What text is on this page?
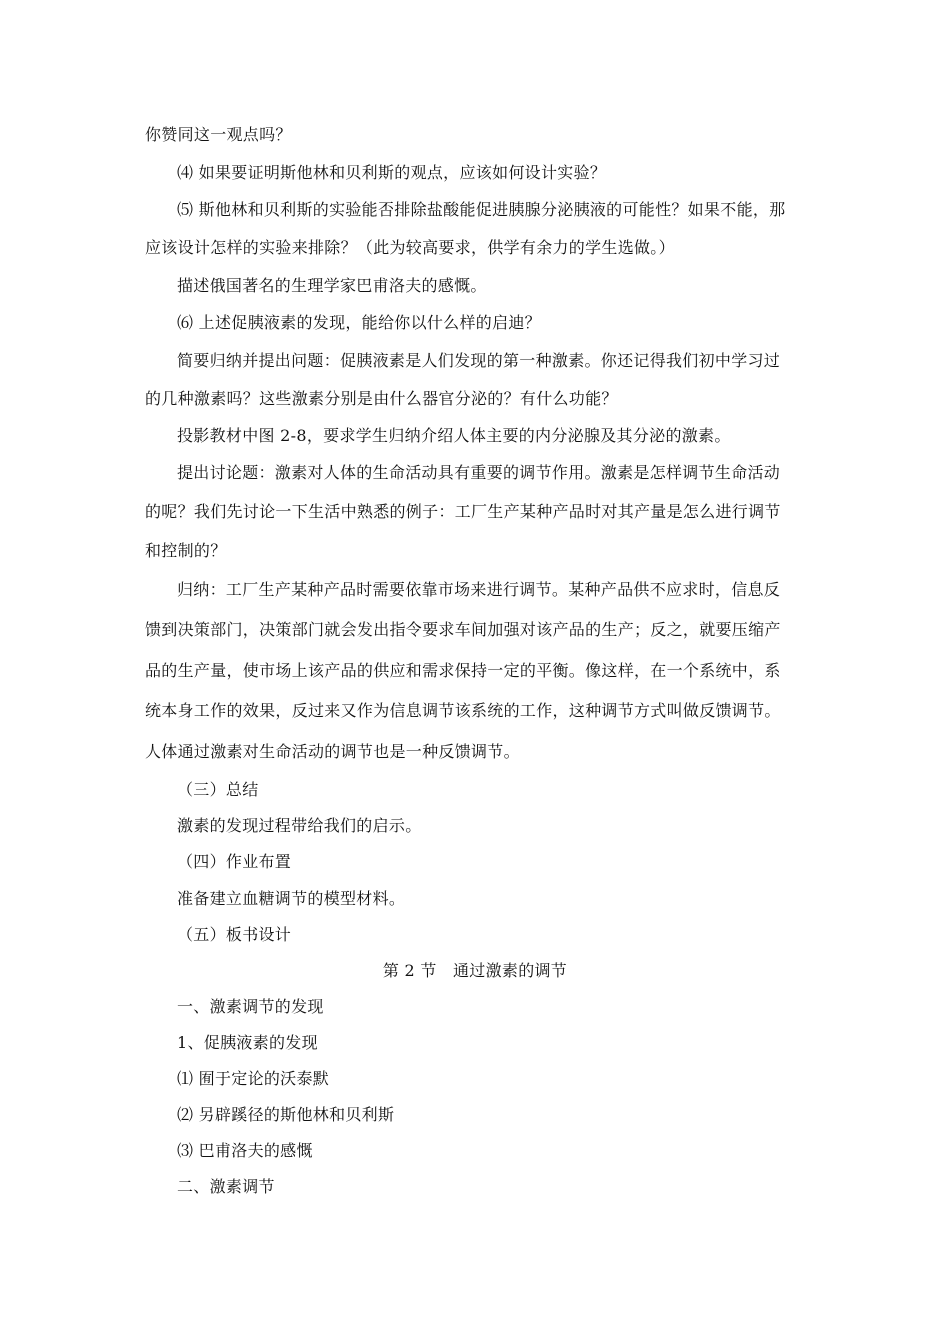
你赞同这一观点吗？
⑷ 如果要证明斯他林和贝利斯的观点，应该如何设计实验？
⑸ 斯他林和贝利斯的实验能否排除盐酸能促进胰腺分泌胰液的可能性？如果不能，那
应该设计怎样的实验来排除？（此为较高要求，供学有余力的学生选做。）
描述俄国著名的生理学家巴甫洛夫的感慨。
⑹ 上述促胰液素的发现，能给你以什么样的启迪？
简要归纳并提出问题：促胰液素是人们发现的第一种激素。你还记得我们初中学习过
的几种激素吗？这些激素分别是由什么器官分泌的？有什么功能？
投影教材中图 2-8，要求学生归纳介绍人体主要的内分泌腺及其分泌的激素。
提出讨论题：激素对人体的生命活动具有重要的调节作用。激素是怎样调节生命活动
的呢？我们先讨论一下生活中熟悉的例子：工厂生产某种产品时对其产量是怎么进行调节
和控制的？
归纳：工厂生产某种产品时需要依靠市场来进行调节。某种产品供不应求时，信息反
馈到决策部门，决策部门就会发出指令要求车间加强对该产品的生产；反之，就要压缩产
品的生产量，使市场上该产品的供应和需求保持一定的平衡。像这样，在一个系统中，系
统本身工作的效果，反过来又作为信息调节该系统的工作，这种调节方式叫做反馈调节。
人体通过激素对生命活动的调节也是一种反馈调节。
（三）总结
激素的发现过程带给我们的启示。
（四）作业布置
准备建立血糖调节的模型材料。
（五）板书设计
第 2 节　通过激素的调节
一、激素调节的发现
1、促胰液素的发现
⑴ 囿于定论的沃泰默
⑵ 另辟蹊径的斯他林和贝利斯
⑶ 巴甫洛夫的感慨
二、激素调节
